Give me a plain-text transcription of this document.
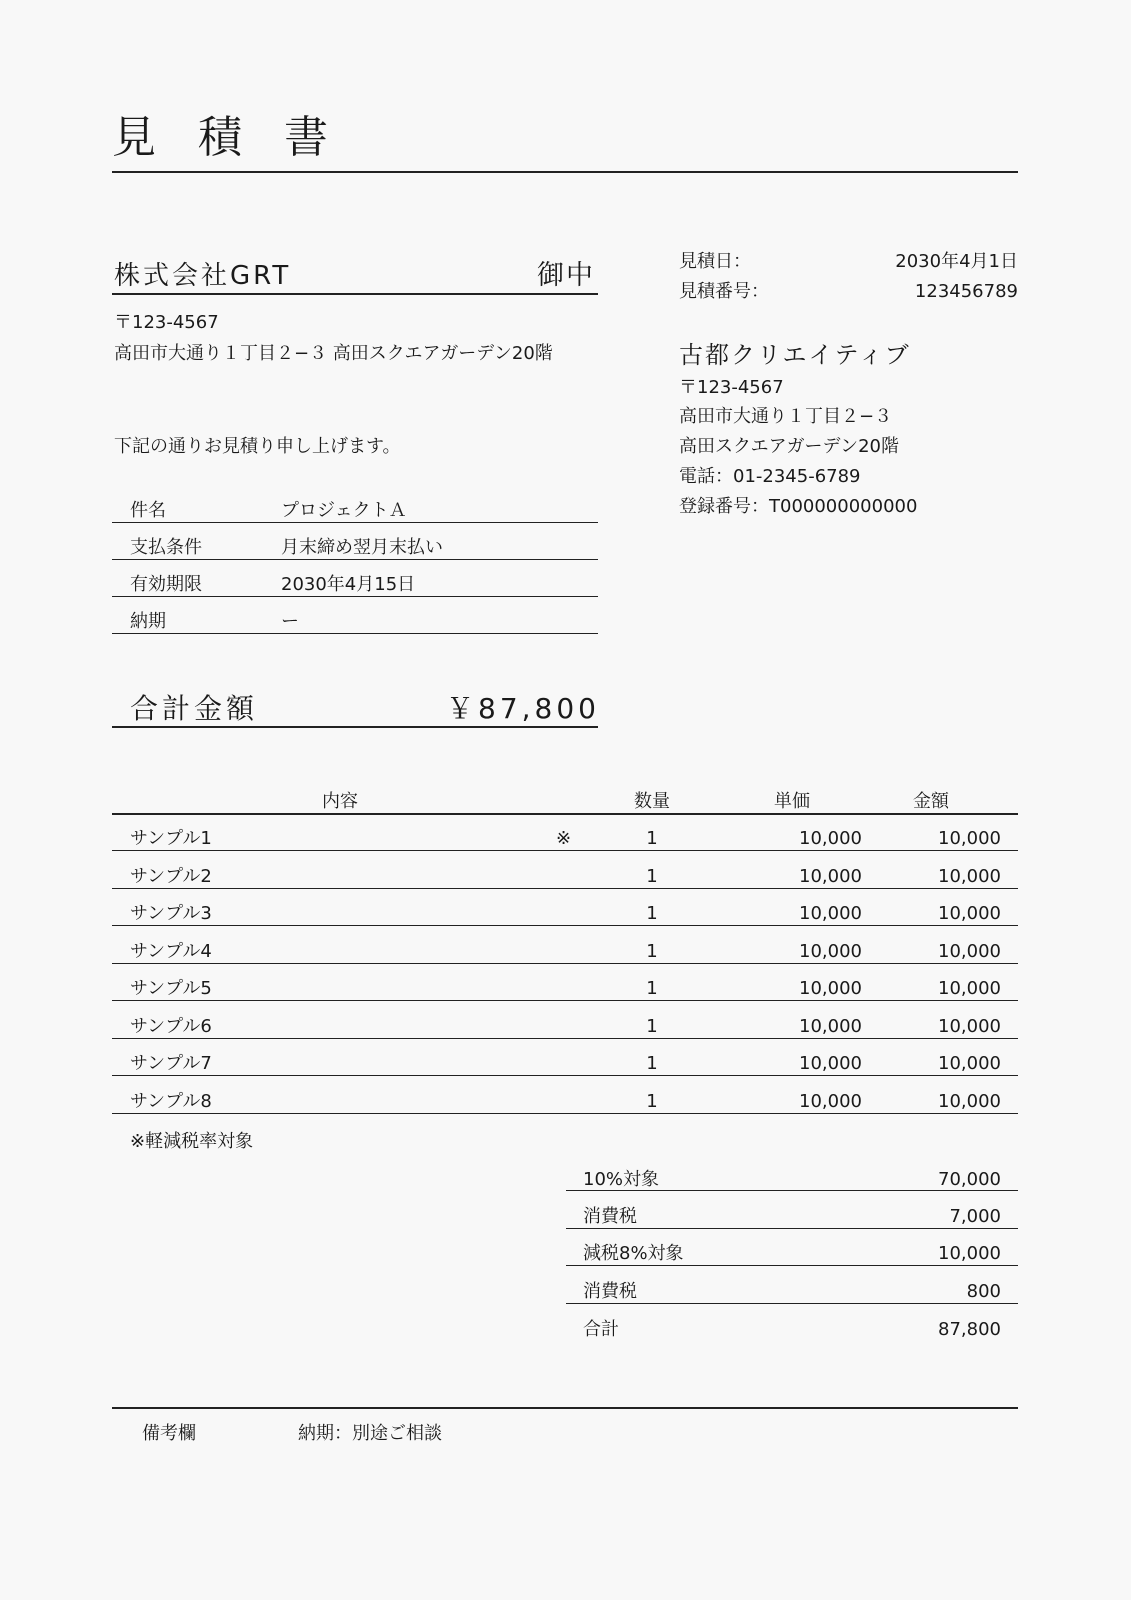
見 積 書
株式会社GRT	御中
〒123-4567
高田市大通り１丁目２−３ 高田スクエアガーデン20階
下記の通りお見積り申し上げます。
件名	プロジェクトＡ
支払条件	月末締め翌月末払い
有効期限	2030年4月15日
納期	ー
合計金額	￥87,800
見積日：	2030年4月1日
見積番号：	123456789
古都クリエイティブ
〒123-4567
高田市大通り１丁目２−３
高田スクエアガーデン20階
電話：01-2345-6789
登録番号：T000000000000
内容	数量	単価	金額
サンプル1	※	1	10,000	10,000
サンプル2	1	10,000	10,000
サンプル3	1	10,000	10,000
サンプル4	1	10,000	10,000
サンプル5	1	10,000	10,000
サンプル6	1	10,000	10,000
サンプル7	1	10,000	10,000
サンプル8	1	10,000	10,000
※軽減税率対象
10%対象	70,000
消費税	7,000
減税8%対象	10,000
消費税	800
合計	87,800
備考欄	納期：別途ご相談
